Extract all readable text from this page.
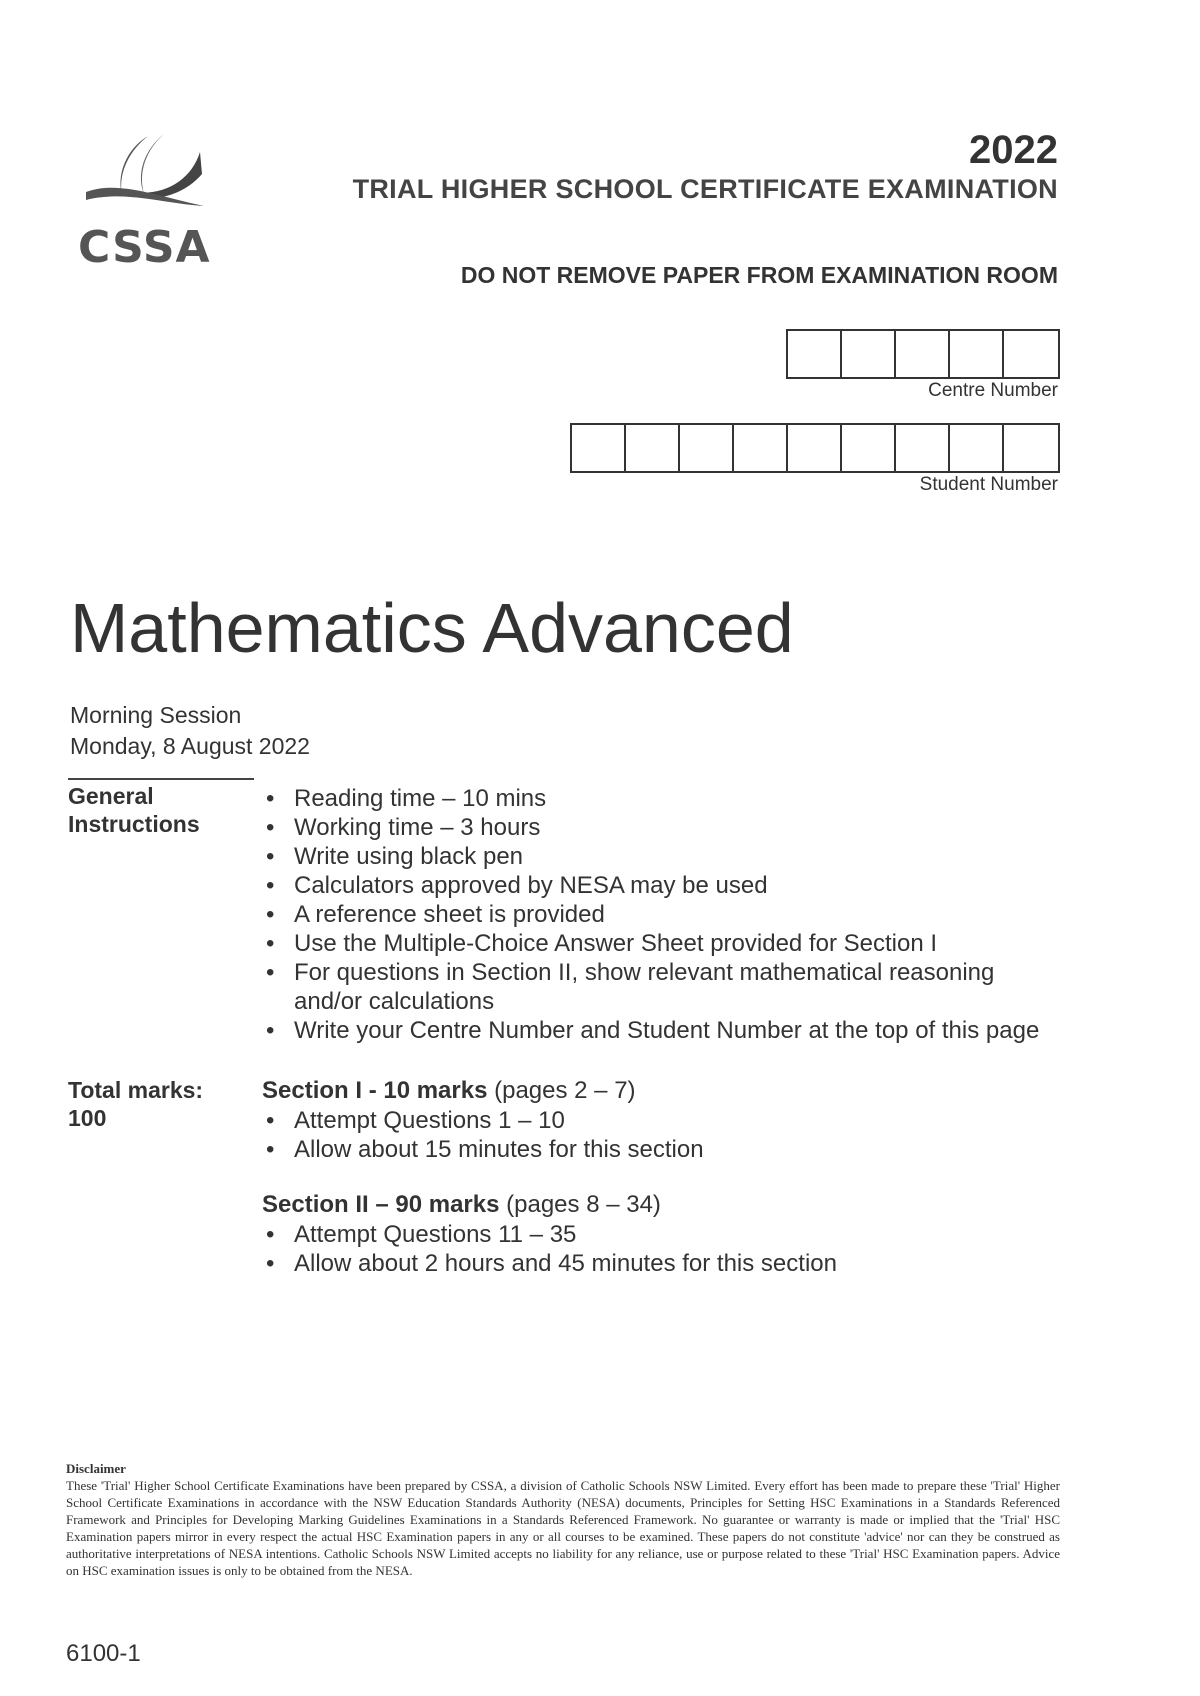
CSSA
2022
TRIAL HIGHER SCHOOL CERTIFICATE EXAMINATION
DO NOT REMOVE PAPER FROM EXAMINATION ROOM
Centre Number
Student Number
Mathematics Advanced
Morning Session
Monday, 8 August 2022
General
Instructions
• Reading time – 10 mins
• Working time – 3 hours
• Write using black pen
• Calculators approved by NESA may be used
• A reference sheet is provided
• Use the Multiple-Choice Answer Sheet provided for Section I
• For questions in Section II, show relevant mathematical reasoning and/or calculations
• Write your Centre Number and Student Number at the top of this page
Total marks:
100
Section I - 10 marks (pages 2 – 7)
• Attempt Questions 1 – 10
• Allow about 15 minutes for this section
Section II – 90 marks (pages 8 – 34)
• Attempt Questions 11 – 35
• Allow about 2 hours and 45 minutes for this section
Disclaimer
These 'Trial' Higher School Certificate Examinations have been prepared by CSSA, a division of Catholic Schools NSW Limited. Every effort has been made to prepare these 'Trial' Higher School Certificate Examinations in accordance with the NSW Education Standards Authority (NESA) documents, Principles for Setting HSC Examinations in a Standards Referenced Framework and Principles for Developing Marking Guidelines Examinations in a Standards Referenced Framework. No guarantee or warranty is made or implied that the 'Trial' HSC Examination papers mirror in every respect the actual HSC Examination papers in any or all courses to be examined. These papers do not constitute 'advice' nor can they be construed as authoritative interpretations of NESA intentions. Catholic Schools NSW Limited accepts no liability for any reliance, use or purpose related to these 'Trial' HSC Examination papers. Advice on HSC examination issues is only to be obtained from the NESA.
6100-1
